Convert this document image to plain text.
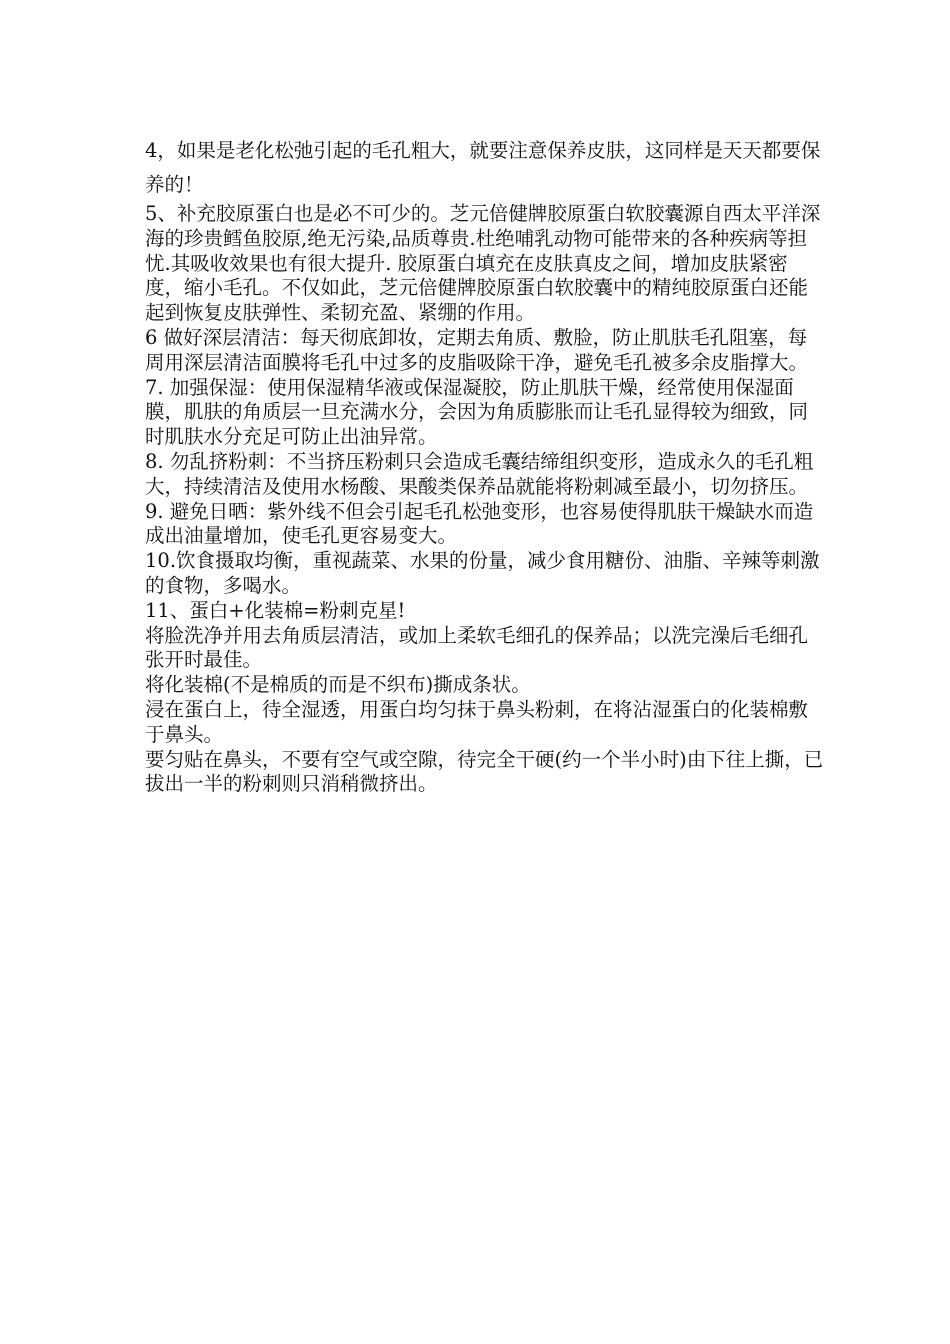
4，如果是老化松弛引起的毛孔粗大，就要注意保养皮肤，这同样是天天都要保养的！

5、补充胶原蛋白也是必不可少的。芝元倍健牌胶原蛋白软胶囊源自西太平洋深海的珍贵鳕鱼胶原,绝无污染,品质尊贵.杜绝哺乳动物可能带来的各种疾病等担忧.其吸收效果也有很大提升. 胶原蛋白填充在皮肤真皮之间，增加皮肤紧密度，缩小毛孔。不仅如此，芝元倍健牌胶原蛋白软胶囊中的精纯胶原蛋白还能起到恢复皮肤弹性、柔韧充盈、紧绷的作用。

6 做好深层清洁：每天彻底卸妆，定期去角质、敷脸，防止肌肤毛孔阻塞，每周用深层清洁面膜将毛孔中过多的皮脂吸除干净，避免毛孔被多余皮脂撑大。

7. 加强保湿：使用保湿精华液或保湿凝胶，防止肌肤干燥，经常使用保湿面膜，肌肤的角质层一旦充满水分，会因为角质膨胀而让毛孔显得较为细致，同时肌肤水分充足可防止出油异常。

8. 勿乱挤粉刺：不当挤压粉刺只会造成毛囊结缔组织变形，造成永久的毛孔粗大，持续清洁及使用水杨酸、果酸类保养品就能将粉刺减至最小，切勿挤压。

9. 避免日晒：紫外线不但会引起毛孔松弛变形，也容易使得肌肤干燥缺水而造成出油量增加，使毛孔更容易变大。

10.饮食摄取均衡，重视蔬菜、水果的份量，减少食用糖份、油脂、辛辣等刺激的食物，多喝水。

11、蛋白+化装棉=粉刺克星!

将脸洗净并用去角质层清洁，或加上柔软毛细孔的保养品；以洗完澡后毛细孔张开时最佳。

将化装棉(不是棉质的而是不织布)撕成条状。

浸在蛋白上，待全湿透，用蛋白均匀抹于鼻头粉刺，在将沾湿蛋白的化装棉敷于鼻头。

要匀贴在鼻头，不要有空气或空隙，待完全干硬(约一个半小时)由下往上撕，已拔出一半的粉刺则只消稍微挤出。
